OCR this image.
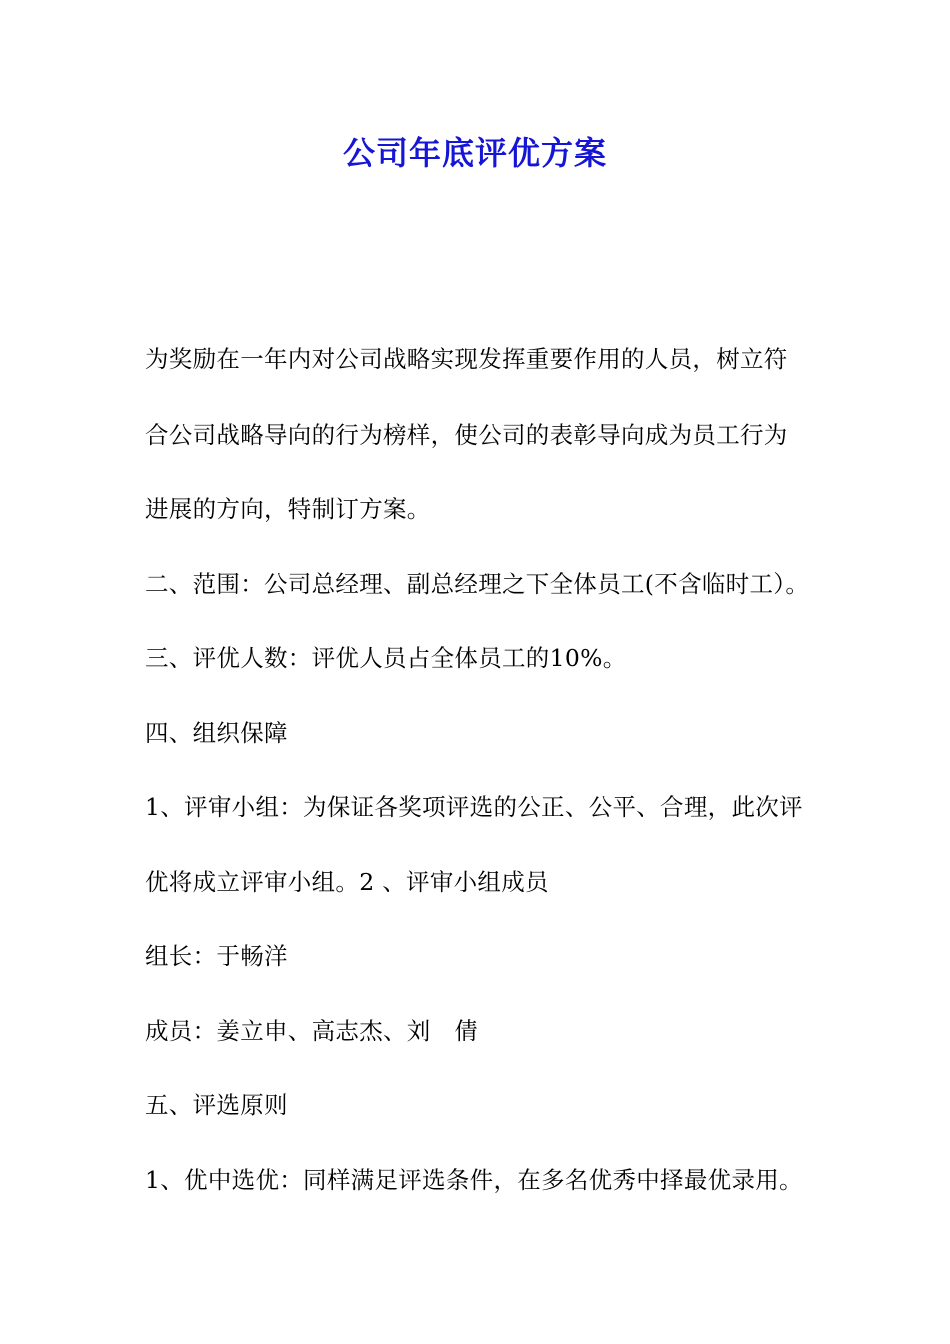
公司年底评优方案
为奖励在一年内对公司战略实现发挥重要作用的人员，树立符
合公司战略导向的行为榜样，使公司的表彰导向成为员工行为
进展的方向，特制订方案。
二、范围：公司总经理、副总经理之下全体员工(不含临时工）。
三、评优人数：评优人员占全体员工的10%。
四、组织保障
1、评审小组：为保证各奖项评选的公正、公平、合理，此次评
优将成立评审小组。2 、评审小组成员
组长：于畅洋
成员：姜立申、高志杰、刘　倩
五、评选原则
1、优中选优：同样满足评选条件，在多名优秀中择最优录用。
